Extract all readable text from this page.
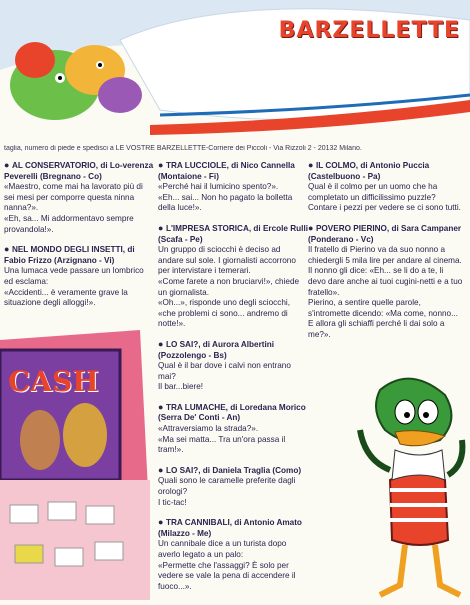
BARZELLETTE
taglia, numero di piede e spedisci a LE VOSTRE BARZELLETTE-Corriere dei Piccoli - Via Rizzoli 2 - 20132 Milano.
● AL CONSERVATORIO, di Lo-verenza Peverelli (Bregnano - Co)

«Maestro, come mai ha lavorato più di sei mesi per comporre questa ninna nanna?».
«Eh, sa... Mi addormentavo sempre provandola!».

● NEL MONDO DEGLI INSETTI, di Fabio Frizzo (Arzignano - Vi)

Una lumaca vede passare un lombrico ed esclama:
«Accidenti... è veramente grave la situazione degli alloggi!».

CASH
● TRA LUCCIOLE, di Nico Cannella (Montaione - Fi)

«Perché hai il lumicino spento?».
«Eh... sai... Non ho pagato la bolletta della luce!».

● L'IMPRESA STORICA, di Ercole Rulli (Scafa - Pe)

Un gruppo di sciocchi è deciso ad andare sul sole. I giornalisti accorrono per intervistare i temerari.
«Come farete a non bruciarvi!», chiede un giornalista.
«Oh...», risponde uno degli sciocchi, «che problemi ci sono... andremo di notte!».

● LO SAI?, di Aurora Albertini (Pozzolengo - Bs)

Qual è il bar dove i calvi non entrano mai?
Il bar...biere!

● TRA LUMACHE, di Loredana Morico (Serra De' Conti - An)

«Attraversiamo la strada?».
«Ma sei matta... Tra un'ora passa il tram!».

● LO SAI?, di Daniela Traglia (Como)

Quali sono le caramelle preferite dagli orologi?
I tic-tac!

● TRA CANNIBALI, di Antonio Amato (Milazzo - Me)

Un cannibale dice a un turista dopo averlo legato a un palo:
«Permette che l'assaggi? È solo per vedere se vale la pena di accendere il fuoco...».

● IL COLMO, di Antonio Puccia (Castelbuono - Pa)

Qual è il colmo per un uomo che ha completato un difficilissimo puzzle?
Contare i pezzi per vedere se ci sono tutti.

● POVERO PIERINO, di Sara Campaner (Ponderano - Vc)

Il fratello di Pierino va da suo nonno a chiedergli 5 mila lire per andare al cinema.
Il nonno gli dice: «Eh... se li do a te, li devo dare anche ai tuoi cugini-netti e a tuo fratello».
Pierino, a sentire quelle parole, s'intromette dicendo: «Ma come, nonno... E allora gli schiaffi perché li dai solo a me?».
